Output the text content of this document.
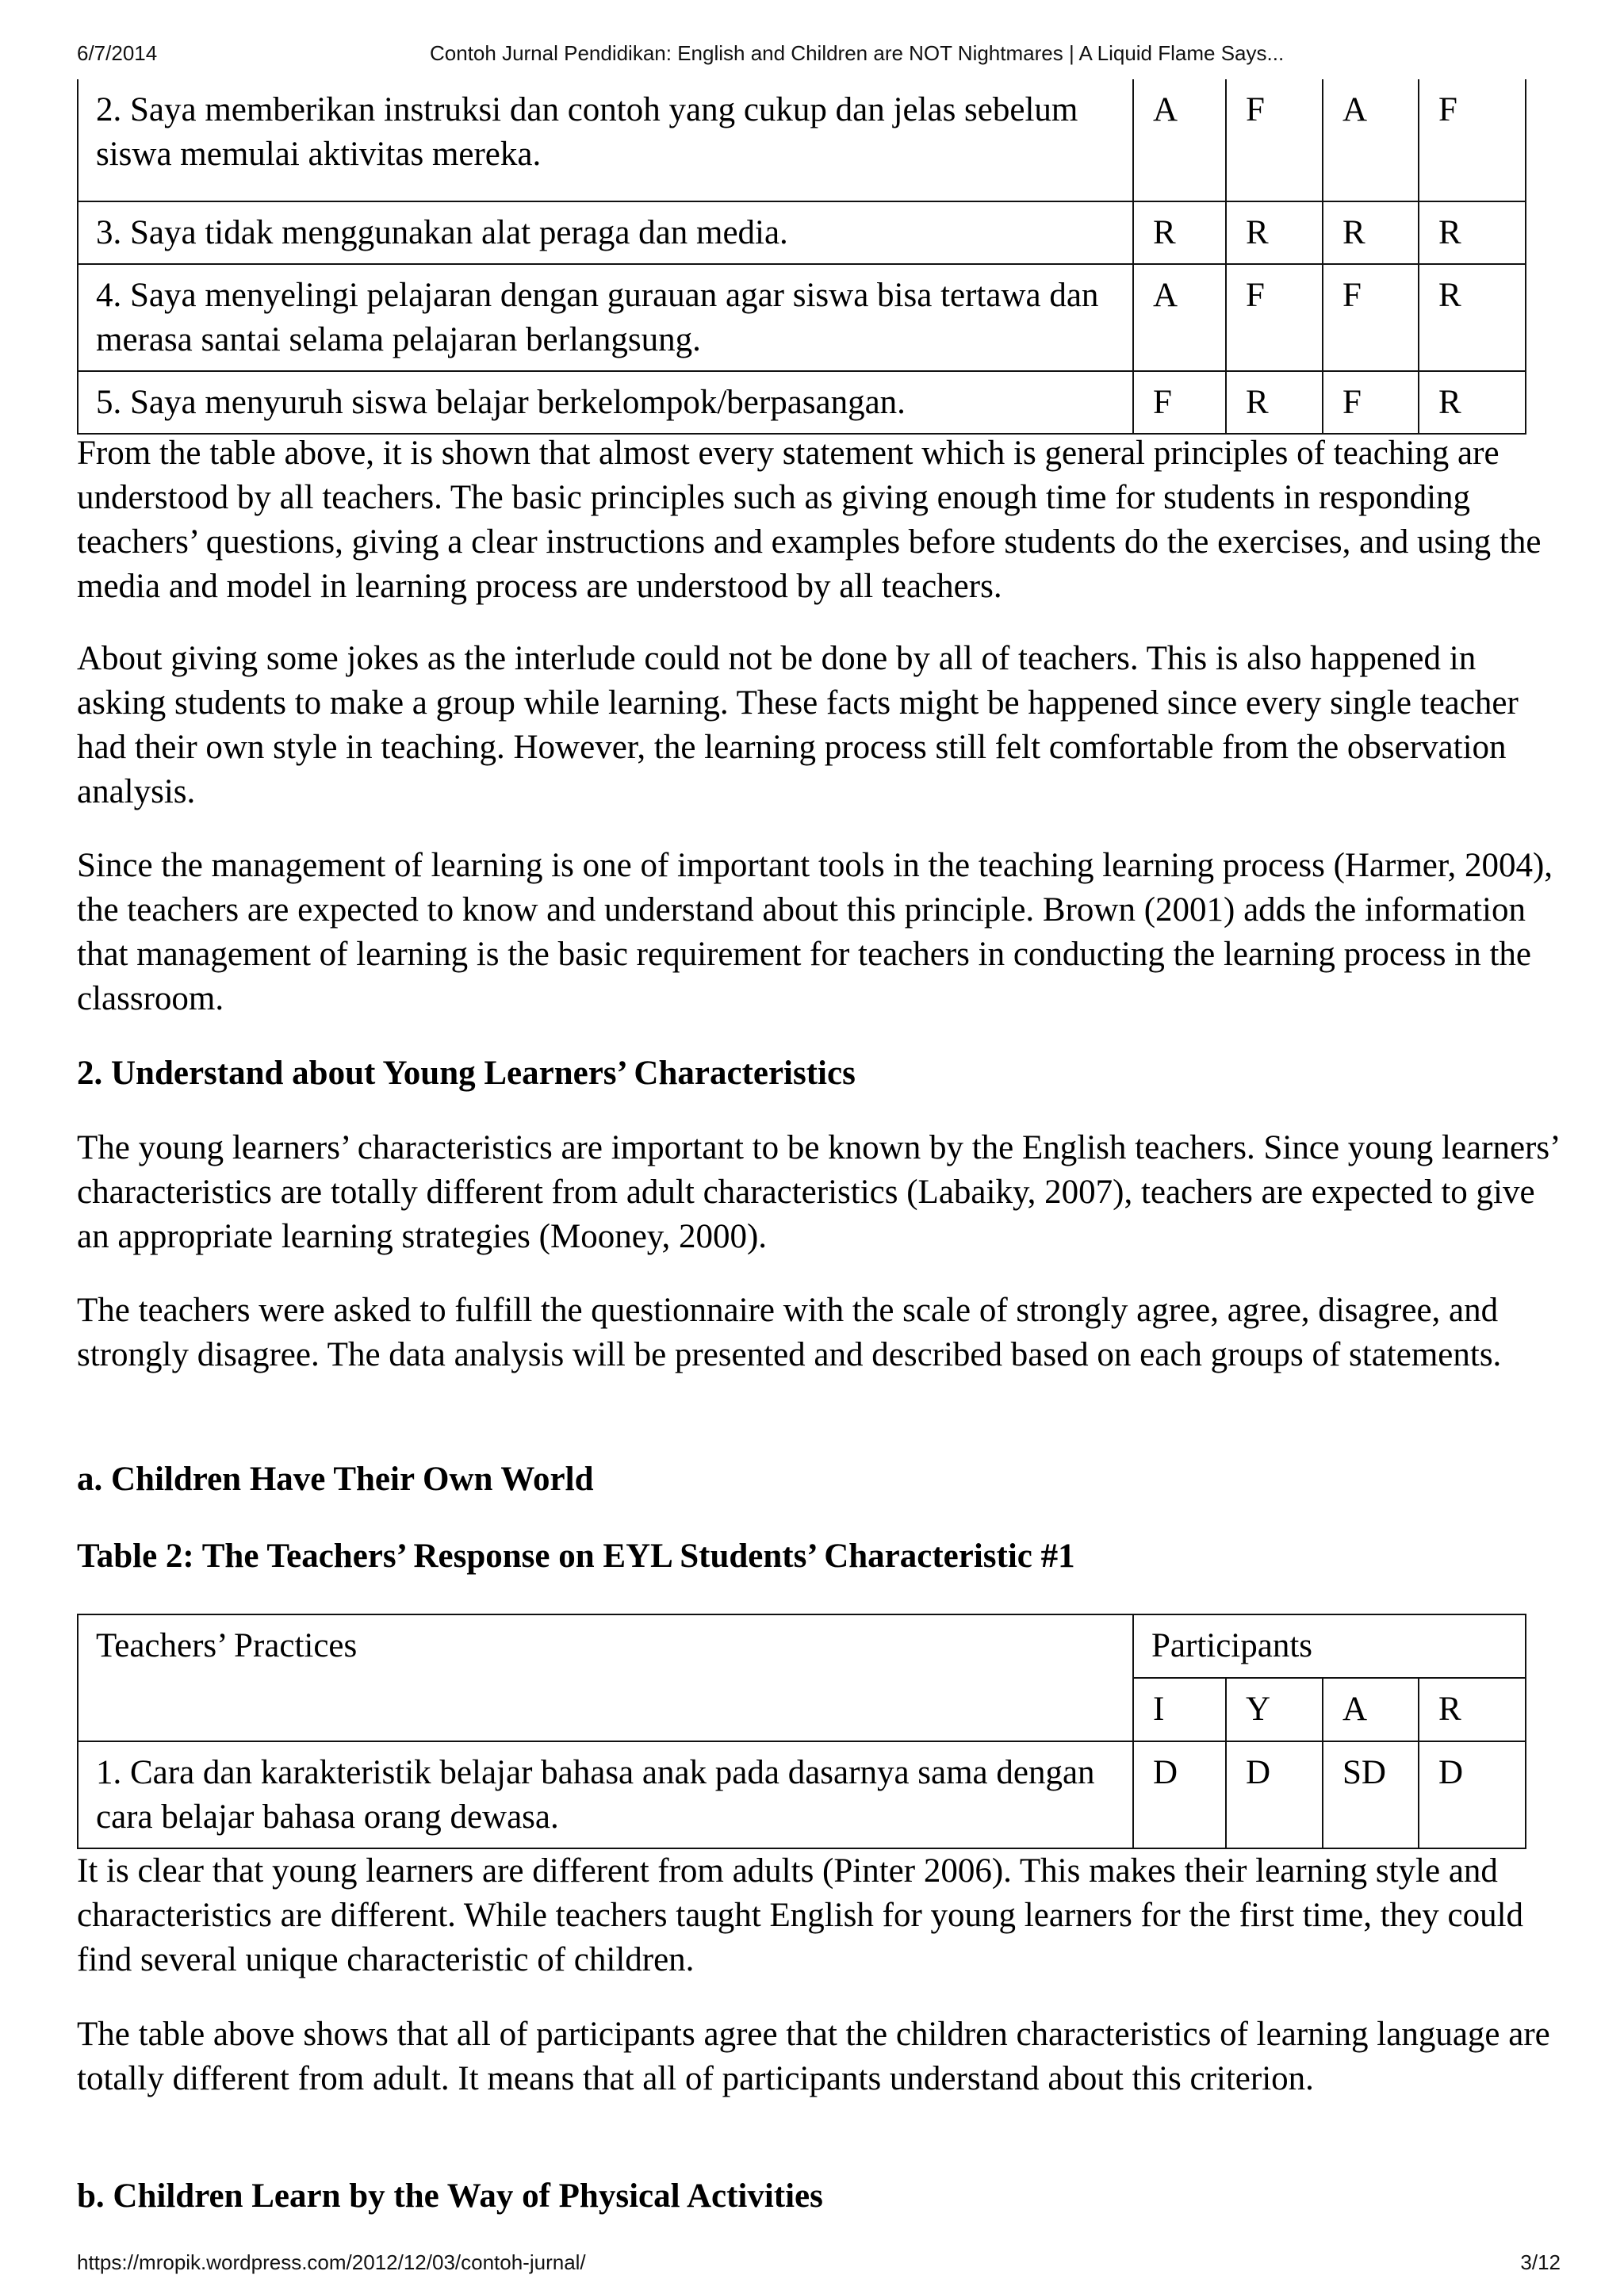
6/7/2014	Contoh Jurnal Pendidikan: English and Children are NOT Nightmares | A Liquid Flame Says...
2. Saya memberikan instruksi dan contoh yang cukup dan jelas sebelum siswa memulai aktivitas mereka.	A	F	A	F
3. Saya tidak menggunakan alat peraga dan media.	R	R	R	R
4. Saya menyelingi pelajaran dengan gurauan agar siswa bisa tertawa dan merasa santai selama pelajaran berlangsung.	A	F	F	R
5. Saya menyuruh siswa belajar berkelompok/berpasangan.	F	R	F	R

From the table above, it is shown that almost every statement which is general principles of teaching are understood by all teachers. The basic principles such as giving enough time for students in responding teachers’ questions, giving a clear instructions and examples before students do the exercises, and using the media and model in learning process are understood by all teachers.

About giving some jokes as the interlude could not be done by all of teachers. This is also happened in asking students to make a group while learning. These facts might be happened since every single teacher had their own style in teaching. However, the learning process still felt comfortable from the observation analysis.

Since the management of learning is one of important tools in the teaching learning process (Harmer, 2004), the teachers are expected to know and understand about this principle. Brown (2001) adds the information that management of learning is the basic requirement for teachers in conducting the learning process in the classroom.

2. Understand about Young Learners’ Characteristics

The young learners’ characteristics are important to be known by the English teachers. Since young learners’ characteristics are totally different from adult characteristics (Labaiky, 2007), teachers are expected to give an appropriate learning strategies (Mooney, 2000).

The teachers were asked to fulfill the questionnaire with the scale of strongly agree, agree, disagree, and strongly disagree. The data analysis will be presented and described based on each groups of statements.

a. Children Have Their Own World
Table 2: The Teachers’ Response on EYL Students’ Characteristic #1
Teachers’ Practices	Participants			
	I	Y	A	R
1. Cara dan karakteristik belajar bahasa anak pada dasarnya sama dengan cara belajar bahasa orang dewasa.	D	D	SD	D

It is clear that young learners are different from adults (Pinter 2006). This makes their learning style and characteristics are different. While teachers taught English for young learners for the first time, they could find several unique characteristic of children.

The table above shows that all of participants agree that the children characteristics of learning language are totally different from adult. It means that all of participants understand about this criterion.

b. Children Learn by the Way of Physical Activities
https://mropik.wordpress.com/2012/12/03/contoh-jurnal/	3/12
